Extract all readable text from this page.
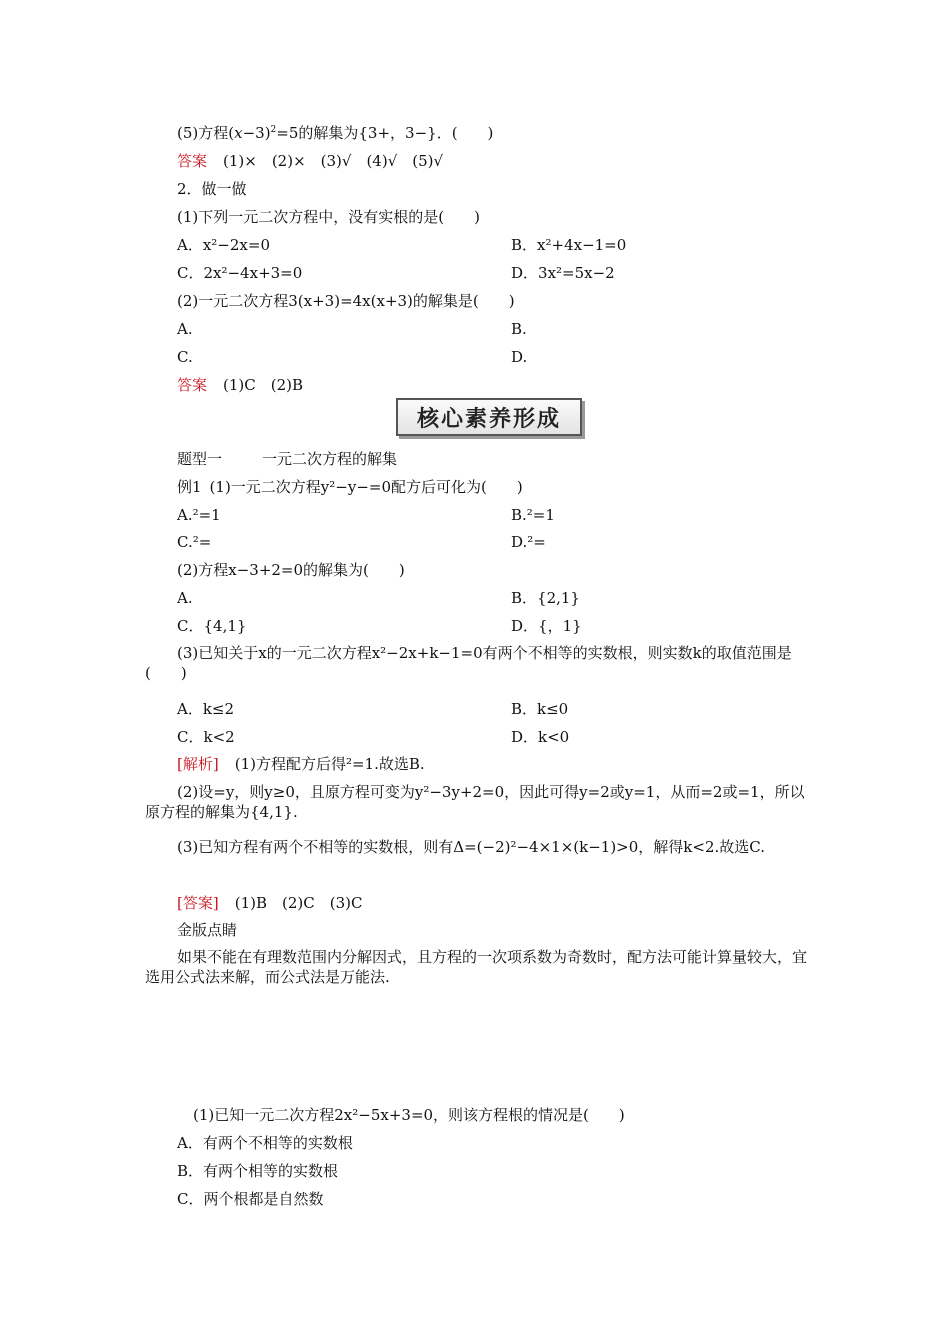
(5)方程$(x-3)^2=5$的解集为{3+，3−}．(　　)
答案 (1)×　(2)×　(3)√　(4)√　(5)√
2．做一做
(1)下列一元二次方程中，没有实根的是(　　)
A．x²−2x=0	B．x²+4x−1=0
C．2x²−4x+3=0	D．3x²=5x−2
(2)一元二次方程3(x+3)=4x(x+3)的解集是(　　)
A.	B.
C.	D.
答案 (1)C　(2)B
核心素养形成
题型一	一元二次方程的解集
例1 (1)一元二次方程y²−y−=0配方后可化为(　　)
A.²=1	B.²=1
C.²=	D.²=
(2)方程x−3+2=0的解集为(　　)
A.	B．{2,1}
C．{4,1}	D．{，1}
(3)已知关于x的一元二次方程x²−2x+k−1=0有两个不相等的实数根，则实数k的取值范围是(　　)
A．k≤2	B．k≤0
C．k<2	D．k<0
[解析] (1)方程配方后得²=1.故选B.
(2)设=y，则y≥0，且原方程可变为y²−3y+2=0，因此可得y=2或y=1，从而=2或=1，所以原方程的解集为{4,1}.
(3)已知方程有两个不相等的实数根，则有Δ=(−2)²−4×1×(k−1)>0，解得k<2.故选C.
[答案] (1)B　(2)C　(3)C
金版点睛
如果不能在有理数范围内分解因式，且方程的一次项系数为奇数时，配方法可能计算量较大，宜选用公式法来解，而公式法是万能法.
(1)已知一元二次方程2x²−5x+3=0，则该方程根的情况是(　　)
A．有两个不相等的实数根
B．有两个相等的实数根
C．两个根都是自然数
